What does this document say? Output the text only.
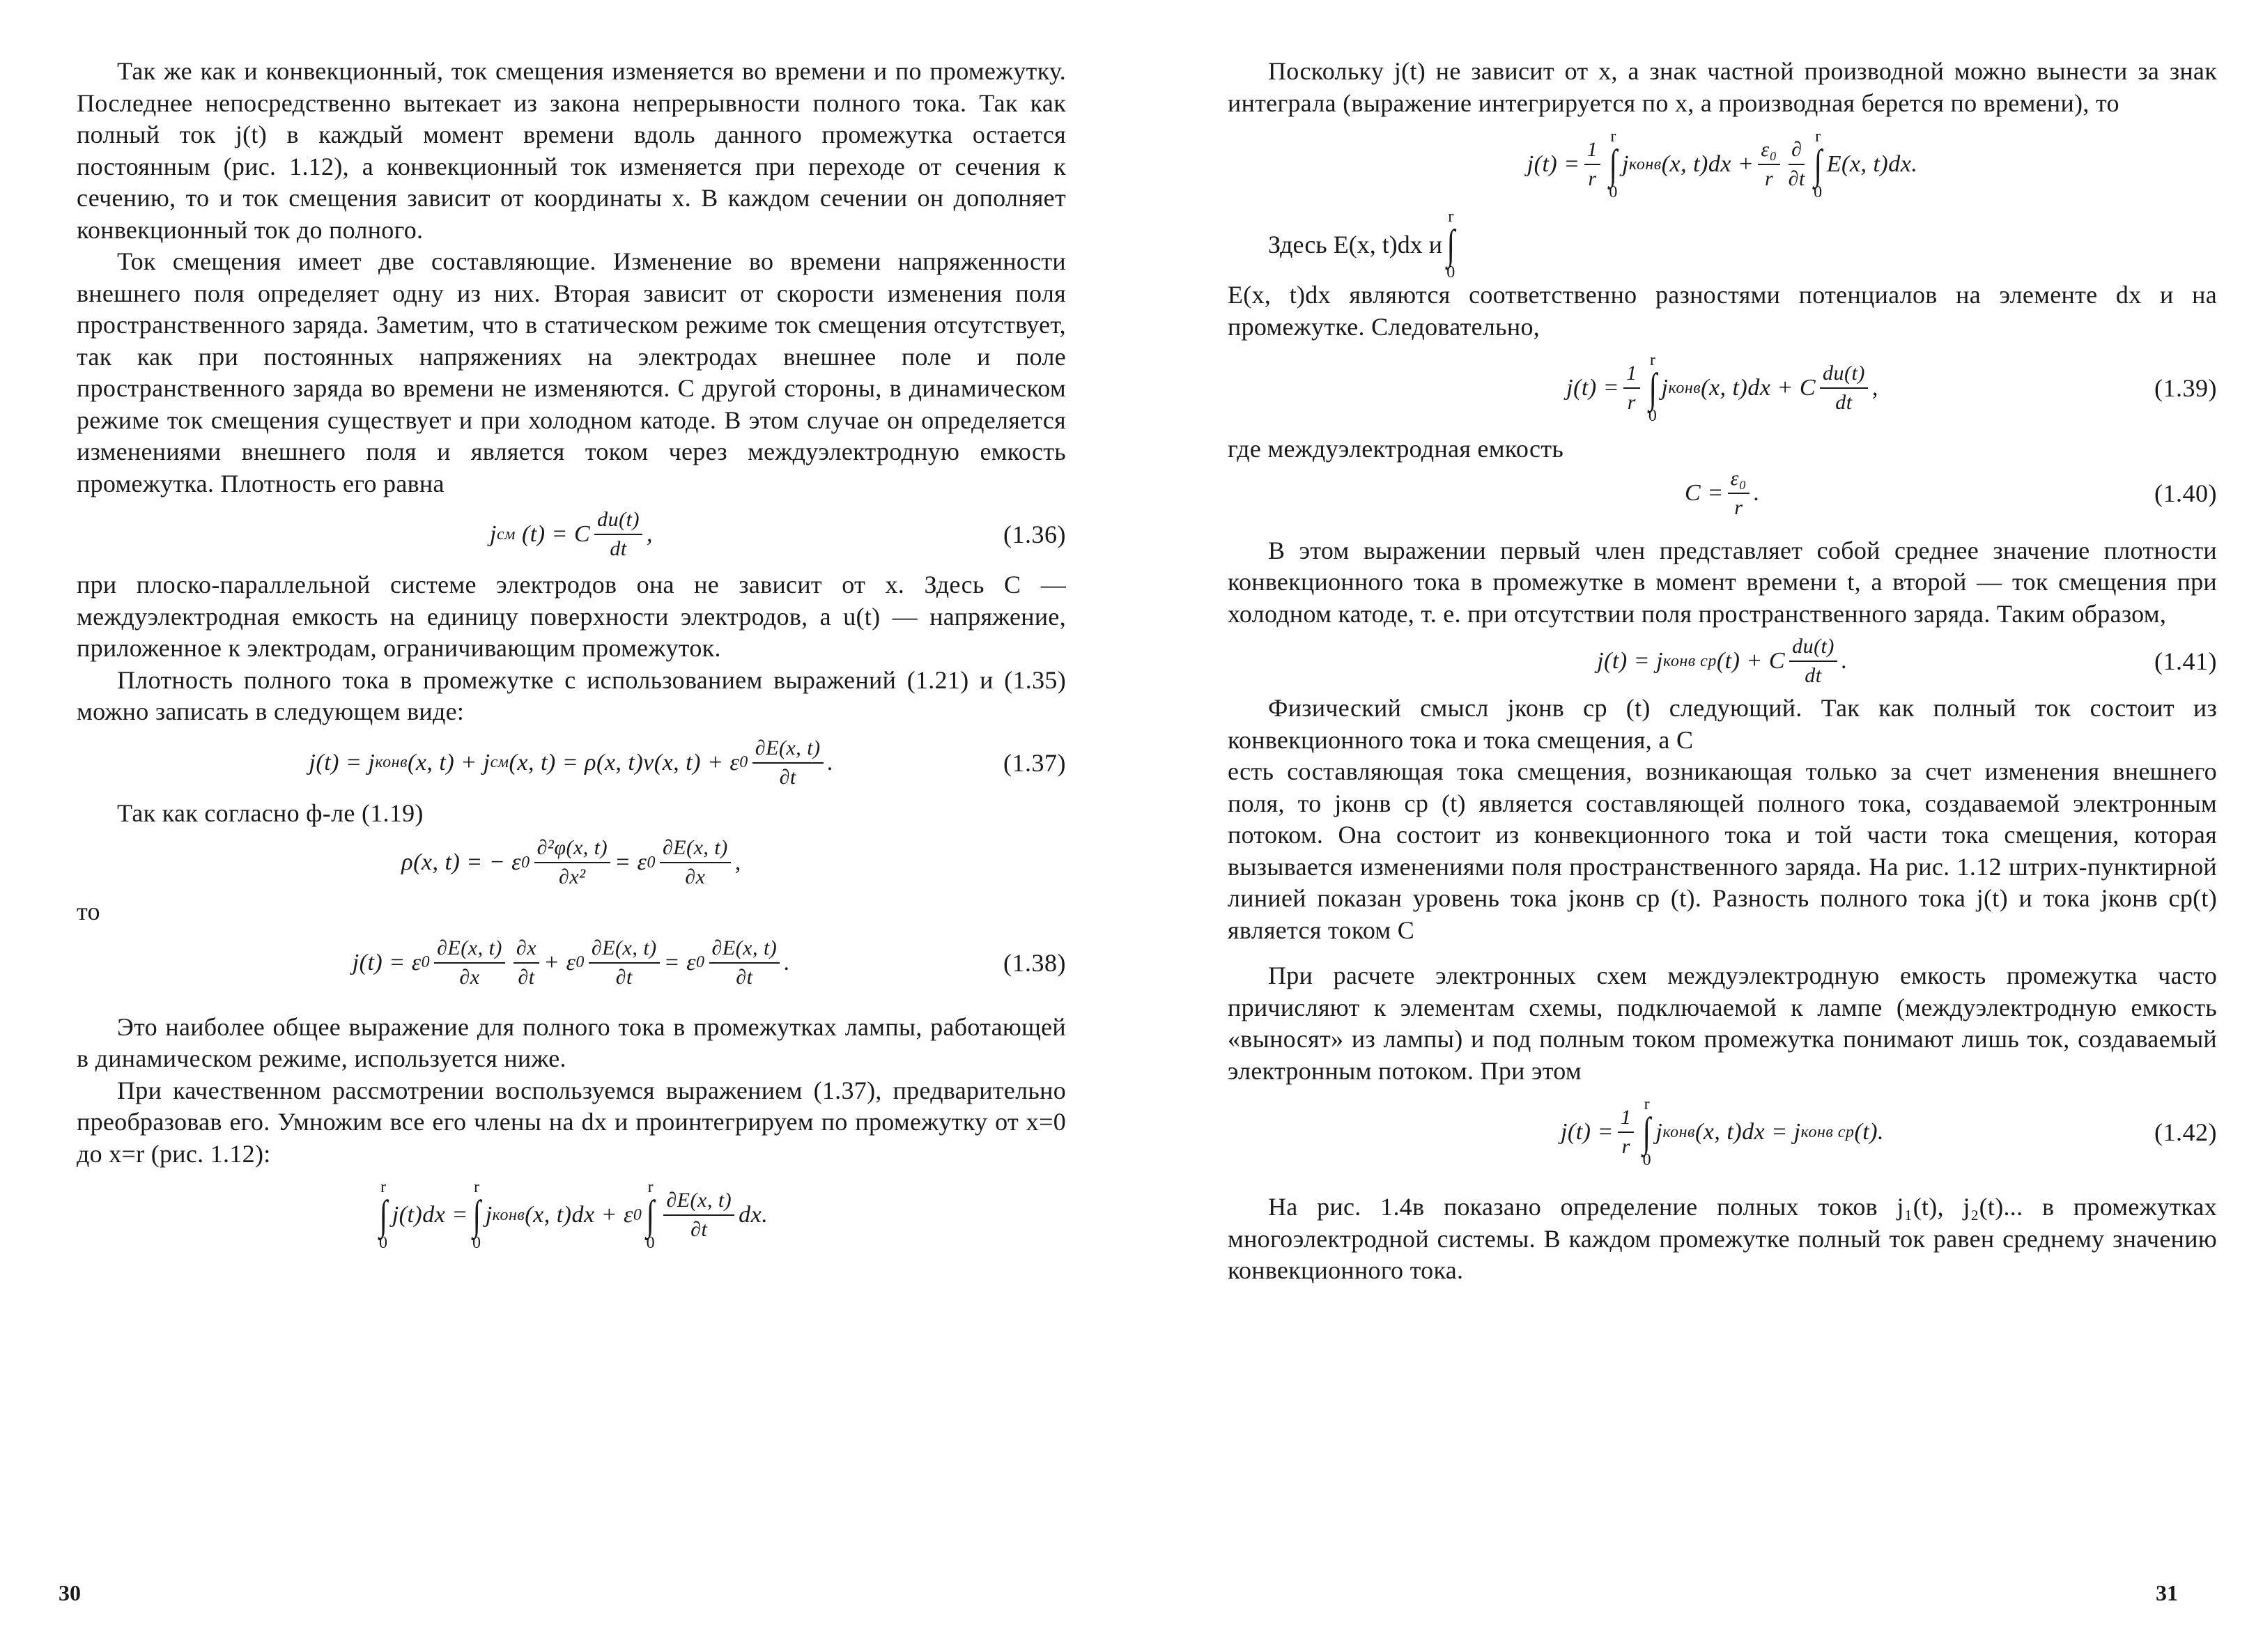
Так же как и конвекционный, ток смещения изменяется во времени и по промежутку. Последнее непосредственно вытекает из закона непрерывности полного тока. Так как полный ток j(t) в каждый момент времени вдоль данного промежутка остается постоянным (рис. 1.12), а конвекционный ток изменяется при переходе от сечения к сечению, то и ток смещения зависит от координаты x. В каждом сечении он дополняет конвекционный ток до полного.

Ток смещения имеет две составляющие. Изменение во времени напряженности внешнего поля определяет одну из них. Вторая зависит от скорости изменения поля пространственного заряда. Заметим, что в статическом режиме ток смещения отсутствует, так как при постоянных напряжениях на электродах внешнее поле и поле пространственного заряда во времени не изменяются. С другой стороны, в динамическом режиме ток смещения существует и при холодном катоде. В этом случае он определяется изменениями внешнего поля и является током через междуэлектродную емкость промежутка. Плотность его равна

j см (t) = C $\frac{du(t)}{dt}$ ,	(1.36)

при плоско-параллельной системе электродов она не зависит от x. Здесь C — междуэлектродная емкость на единицу поверхности электродов, а u(t) — напряжение, приложенное к электродам, ограничивающим промежуток.

Плотность полного тока в промежутке с использованием выражений (1.21) и (1.35) можно записать в следующем виде:

j(t) = j конв (x, t) + j см (x, t) = ρ(x, t)v(x, t) + ε $0 \frac{\partial E(x, t)}{\partial t}$ .	(1.37)

Так как согласно ф-ле (1.19)

ρ(x, t) = − ε $0 \frac{\text{∂²φ(x, t)}}{\text{∂x²}} = \varepsilon$ $0 \frac{\partial E(x, t)}{\partial x}$ ,

то

j(t) = ε $0 \frac{\partial E(x, t)}{\partial x} \frac{\partial x}{\partial t} + \varepsilon$ $0 \frac{\partial E(x, t)}{\partial t} = \varepsilon$ $0 \frac{\partial E(x, t)}{\partial t}$ .	(1.38)

Это наиболее общее выражение для полного тока в промежутках лампы, работающей в динамическом режиме, используется ниже.

При качественном рассмотрении воспользуемся выражением (1.37), предварительно преобразовав его. Умножим все его члены на dx и проинтегрируем по промежутку от x=0 до x=r (рис. 1.12):

r
∫
0
j(t)dx =
r
∫
0
j конв (x, t)dx + ε 0
r
∫
0
$\frac{\partial E(x, t)}{\partial t}$ dx.
30

Поскольку j(t) не зависит от x, а знак частной производной можно вынести за знак интеграла (выражение интегрируется по x, а производная берется по времени), то

$j(t) = \frac{1}{r}$
r
∫
0
j конв (x, $t)dx + \frac{\text{ε₀}}{r} \frac{\partial}{\partial t}$
r
∫
0
E(x, t)dx.
Здесь E(x, t)dx и
r
∫
0

E(x, t)dx являются соответственно разностями потенциалов на элементе dx и на промежутке. Следовательно,

$j(t) = \frac{1}{r}$
r
∫
0
j конв (x, t)dx + C $\frac{du(t)}{dt}$ ,	(1.39)

где междуэлектродная емкость

$C = \frac{\text{ε₀}}{r}$ .	(1.40)

В этом выражении первый член представляет собой среднее значение плотности конвекционного тока в промежутке в момент времени t, а второй — ток смещения при холодном катоде, т. е. при отсутствии поля пространственного заряда. Таким образом,

j(t) = j конв ср (t) + C $\frac{du(t)}{dt}$ .	(1.41)

Физический смысл jконв ср (t) следующий. Так как полный ток состоит из конвекционного тока и тока смещения, а C

есть составляющая тока смещения, возникающая только за счет изменения внешнего поля, то jконв ср (t) является составляющей полного тока, создаваемой электронным потоком. Она состоит из конвекционного тока и той части тока смещения, которая вызывается изменениями поля пространственного заряда. На рис. 1.12 штрих-пунктирной линией показан уровень тока jконв ср (t). Разность полного тока j(t) и тока jконв ср(t) является током C

При расчете электронных схем междуэлектродную емкость промежутка часто причисляют к элементам схемы, подключаемой к лампе (междуэлектродную емкость «выносят» из лампы) и под полным током промежутка понимают лишь ток, создаваемый электронным потоком. При этом

$j(t) = \frac{1}{r}$
r
∫
0
j конв (x, t)dx = j конв ср (t).	(1.42)

На рис. 1.4в показано определение полных токов j₁(t), j₂(t)... в промежутках многоэлектродной системы. В каждом промежутке полный ток равен среднему значению конвекционного тока.

31
